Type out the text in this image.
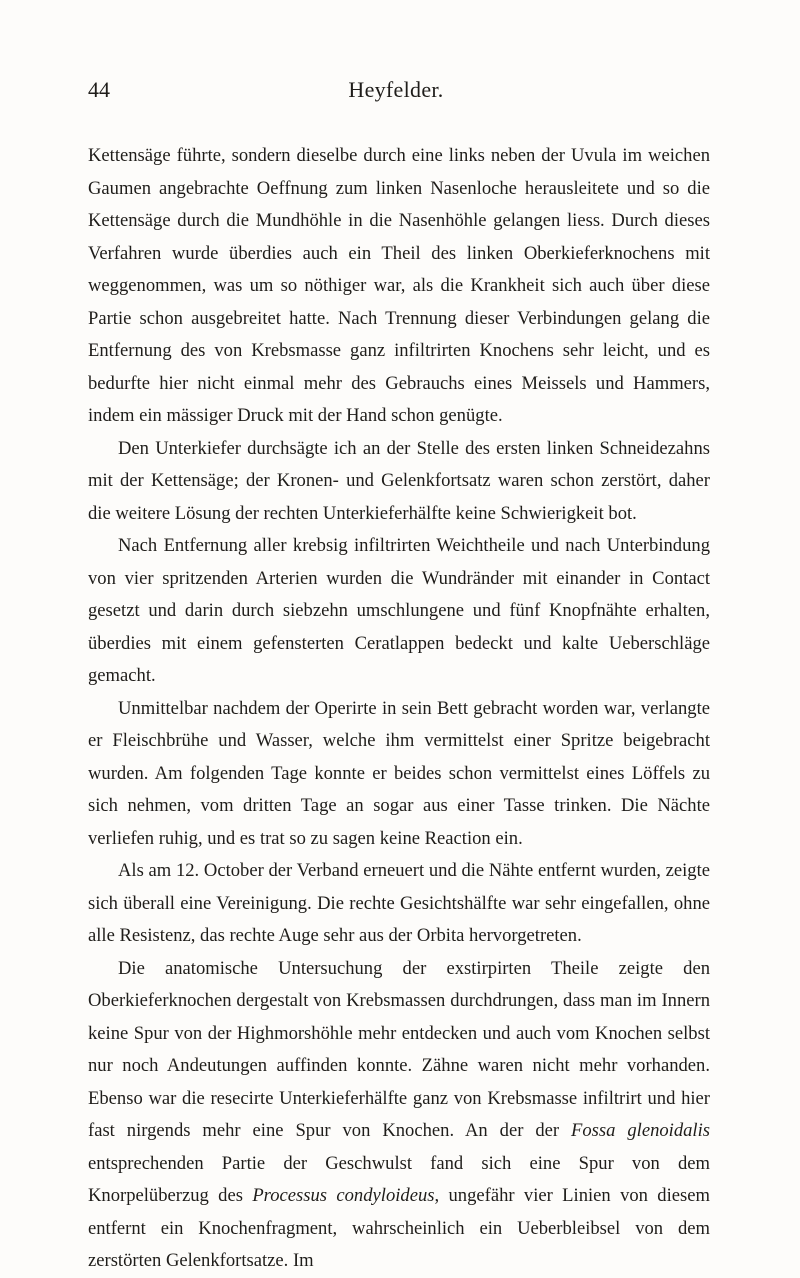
44	Heyfelder.

Kettensäge führte, sondern dieselbe durch eine links neben der Uvula im weichen Gaumen angebrachte Oeffnung zum linken Nasenloche herausleitete und so die Kettensäge durch die Mundhöhle in die Nasenhöhle gelangen liess. Durch dieses Verfahren wurde überdies auch ein Theil des linken Oberkieferknochens mit weggenommen, was um so nöthiger war, als die Krankheit sich auch über diese Partie schon ausgebreitet hatte. Nach Trennung dieser Verbindungen gelang die Entfernung des von Krebsmasse ganz infiltrirten Knochens sehr leicht, und es bedurfte hier nicht einmal mehr des Gebrauchs eines Meissels und Hammers, indem ein mässiger Druck mit der Hand schon genügte.

Den Unterkiefer durchsägte ich an der Stelle des ersten linken Schneidezahns mit der Kettensäge; der Kronen- und Gelenkfortsatz waren schon zerstört, daher die weitere Lösung der rechten Unterkieferhälfte keine Schwierigkeit bot.

Nach Entfernung aller krebsig infiltrirten Weichtheile und nach Unterbindung von vier spritzenden Arterien wurden die Wundränder mit einander in Contact gesetzt und darin durch siebzehn umschlungene und fünf Knopfnähte erhalten, überdies mit einem gefensterten Ceratlappen bedeckt und kalte Ueberschläge gemacht.

Unmittelbar nachdem der Operirte in sein Bett gebracht worden war, verlangte er Fleischbrühe und Wasser, welche ihm vermittelst einer Spritze beigebracht wurden. Am folgenden Tage konnte er beides schon vermittelst eines Löffels zu sich nehmen, vom dritten Tage an sogar aus einer Tasse trinken. Die Nächte verliefen ruhig, und es trat so zu sagen keine Reaction ein.

Als am 12. October der Verband erneuert und die Nähte entfernt wurden, zeigte sich überall eine Vereinigung. Die rechte Gesichtshälfte war sehr eingefallen, ohne alle Resistenz, das rechte Auge sehr aus der Orbita hervorgetreten.

Die anatomische Untersuchung der exstirpirten Theile zeigte den Oberkieferknochen dergestalt von Krebsmassen durchdrungen, dass man im Innern keine Spur von der Highmorshöhle mehr entdecken und auch vom Knochen selbst nur noch Andeutungen auffinden konnte. Zähne waren nicht mehr vorhanden. Ebenso war die resecirte Unterkieferhälfte ganz von Krebsmasse infiltrirt und hier fast nirgends mehr eine Spur von Knochen. An der der Fossa glenoidalis entsprechenden Partie der Geschwulst fand sich eine Spur von dem Knorpelüberzug des Processus condyloideus, ungefähr vier Linien von diesem entfernt ein Knochenfragment, wahrscheinlich ein Ueberbleibsel von dem zerstörten Gelenkfortsatze. Im
